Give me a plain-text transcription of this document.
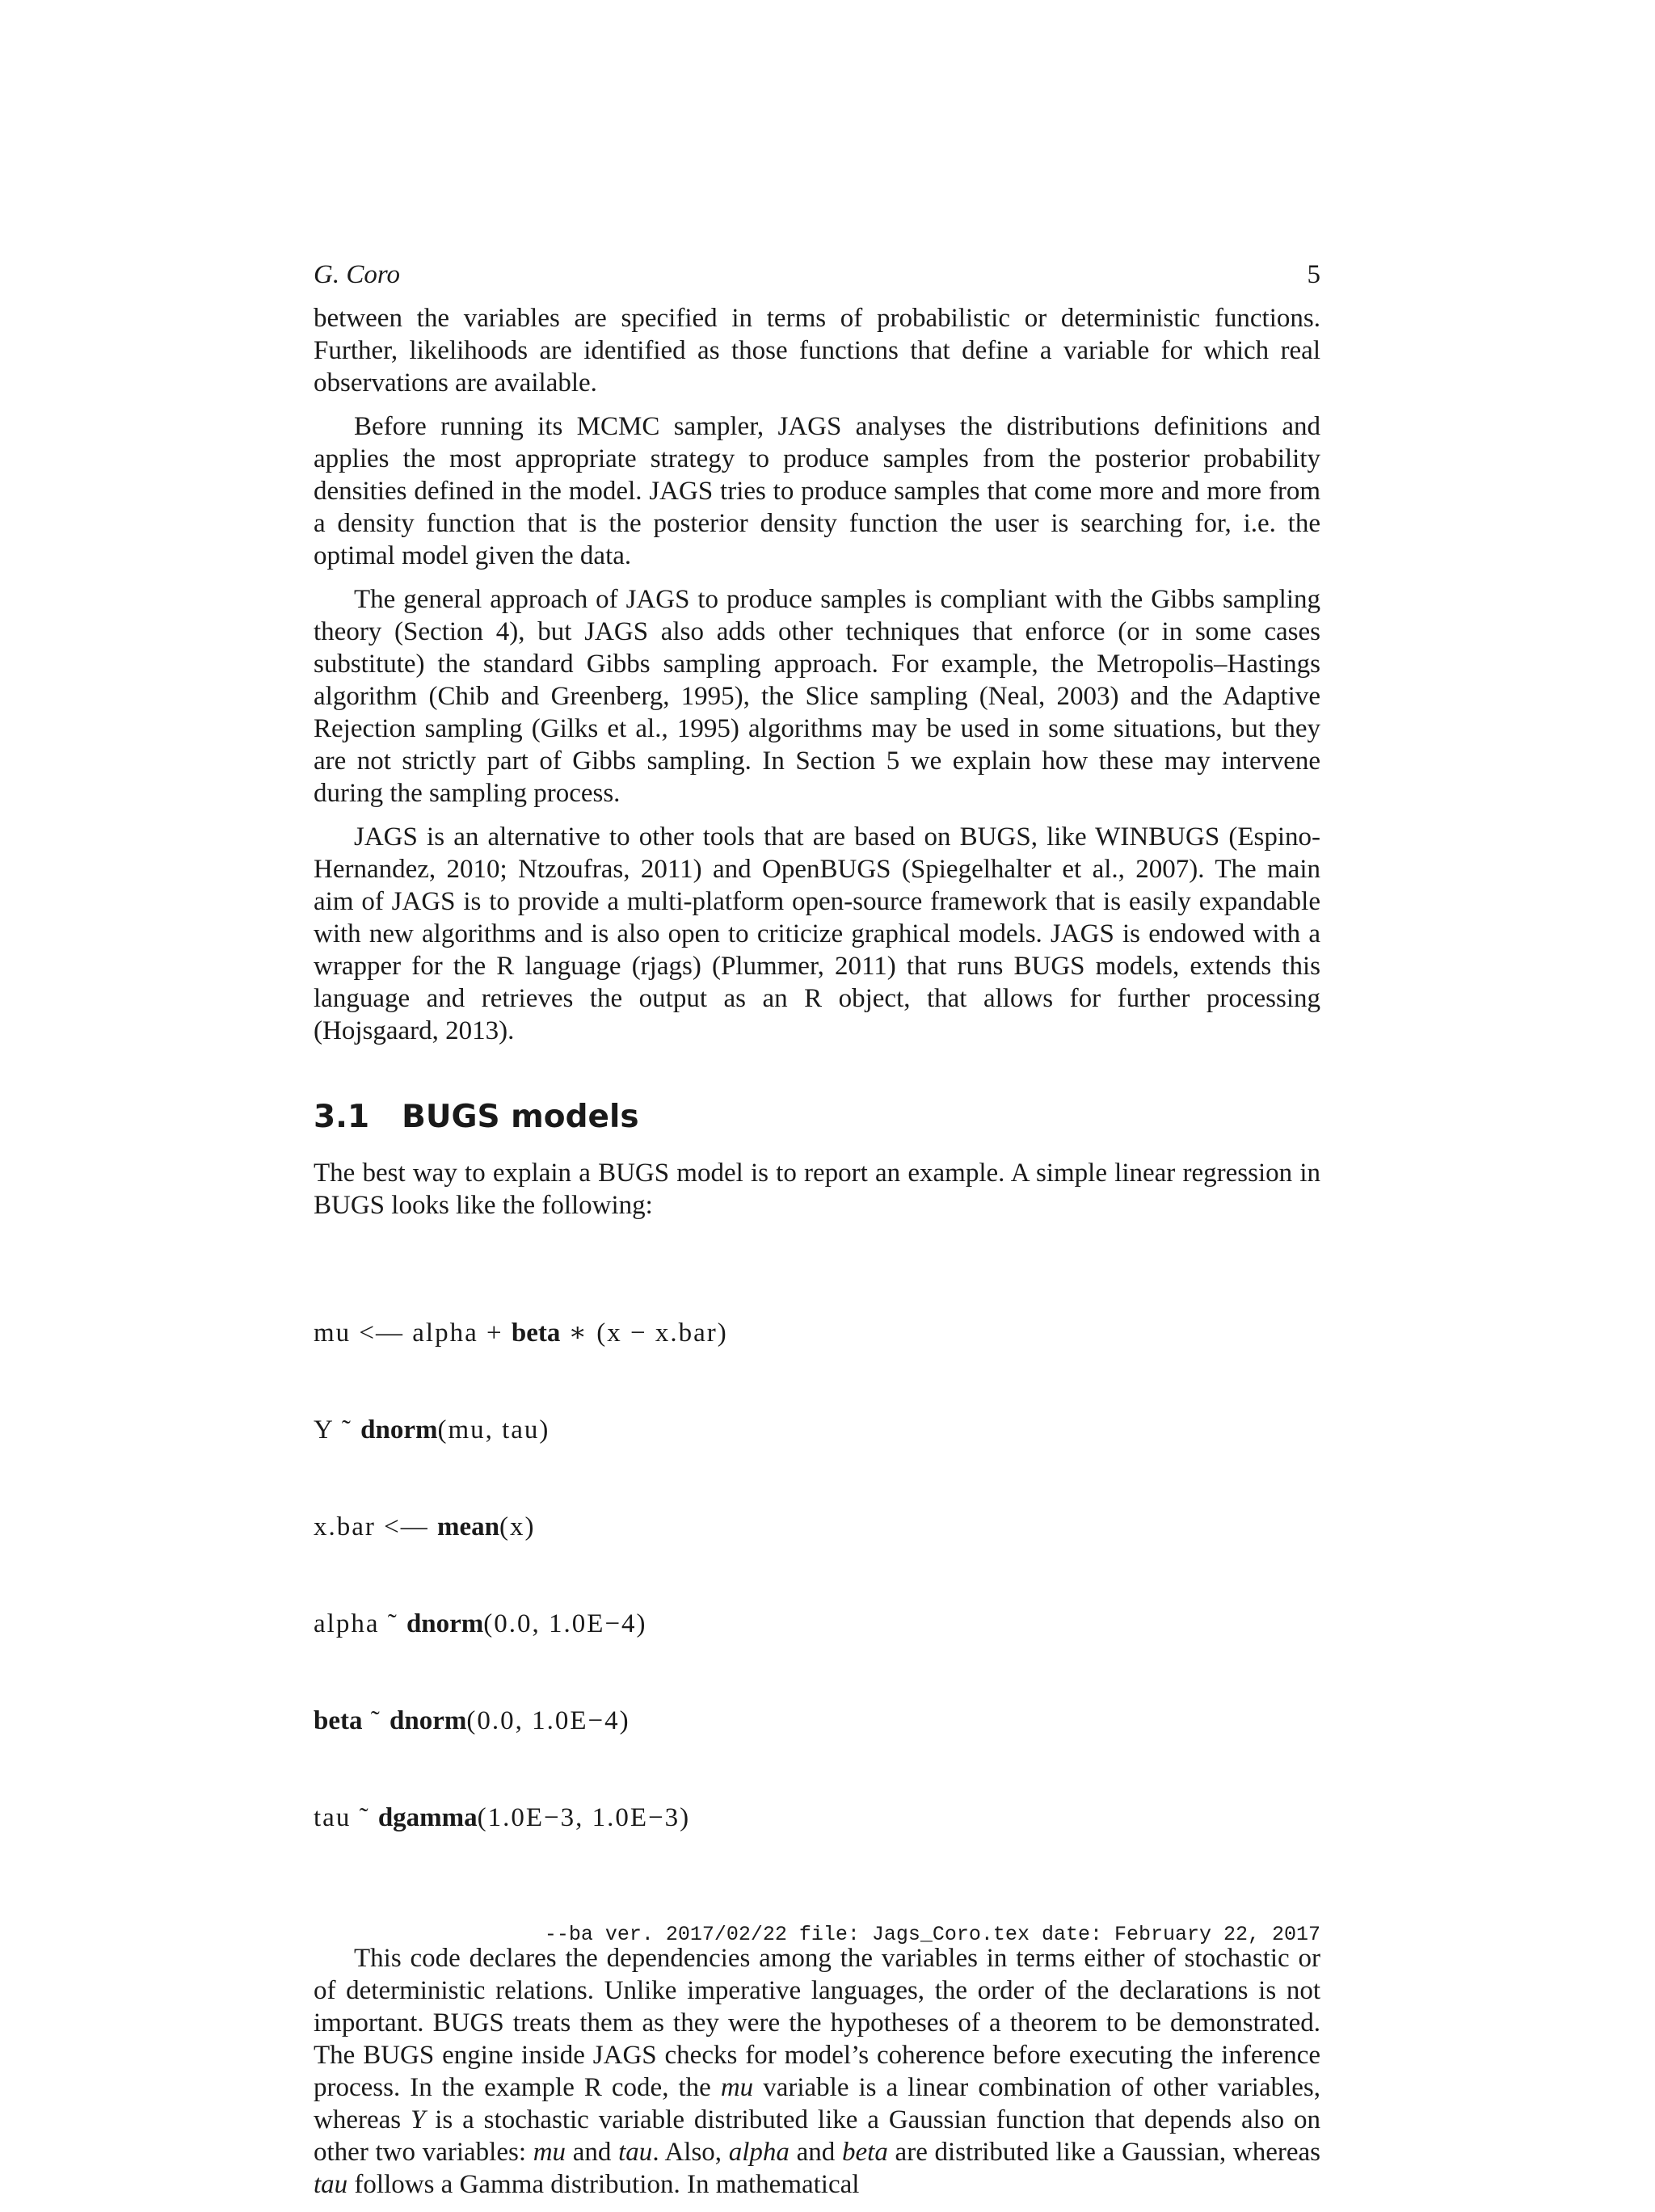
G. Coro	5

between the variables are specified in terms of probabilistic or deterministic functions. Further, likelihoods are identified as those functions that define a variable for which real observations are available.

Before running its MCMC sampler, JAGS analyses the distributions definitions and applies the most appropriate strategy to produce samples from the posterior probability densities defined in the model. JAGS tries to produce samples that come more and more from a density function that is the posterior density function the user is searching for, i.e. the optimal model given the data.

The general approach of JAGS to produce samples is compliant with the Gibbs sampling theory (Section 4), but JAGS also adds other techniques that enforce (or in some cases substitute) the standard Gibbs sampling approach. For example, the Metropolis–Hastings algorithm (Chib and Greenberg, 1995), the Slice sampling (Neal, 2003) and the Adaptive Rejection sampling (Gilks et al., 1995) algorithms may be used in some situations, but they are not strictly part of Gibbs sampling. In Section 5 we explain how these may intervene during the sampling process.

JAGS is an alternative to other tools that are based on BUGS, like WINBUGS (Espino-Hernandez, 2010; Ntzoufras, 2011) and OpenBUGS (Spiegelhalter et al., 2007). The main aim of JAGS is to provide a multi-platform open-source framework that is easily expandable with new algorithms and is also open to criticize graphical models. JAGS is endowed with a wrapper for the R language (rjags) (Plummer, 2011) that runs BUGS models, extends this language and retrieves the output as an R object, that allows for further processing (Hojsgaard, 2013).

3.1 BUGS models

The best way to explain a BUGS model is to report an example. A simple linear regression in BUGS looks like the following:

mu <— alpha + beta ∗ (x − x.bar)

Y ˜ dnorm(mu, tau)

x.bar <— mean(x)

alpha ˜ dnorm(0.0, 1.0E−4)

beta ˜ dnorm(0.0, 1.0E−4)

tau ˜ dgamma(1.0E−3, 1.0E−3)

This code declares the dependencies among the variables in terms either of stochastic or of deterministic relations. Unlike imperative languages, the order of the declarations is not important. BUGS treats them as they were the hypotheses of a theorem to be demonstrated. The BUGS engine inside JAGS checks for model’s coherence before executing the inference process. In the example R code, the mu variable is a linear combination of other variables, whereas Y is a stochastic variable distributed like a Gaussian function that depends also on other two variables: mu and tau. Also, alpha and beta are distributed like a Gaussian, whereas tau follows a Gamma distribution. In mathematical

--ba ver. 2017/02/22 file: Jags_Coro.tex date: February 22, 2017
